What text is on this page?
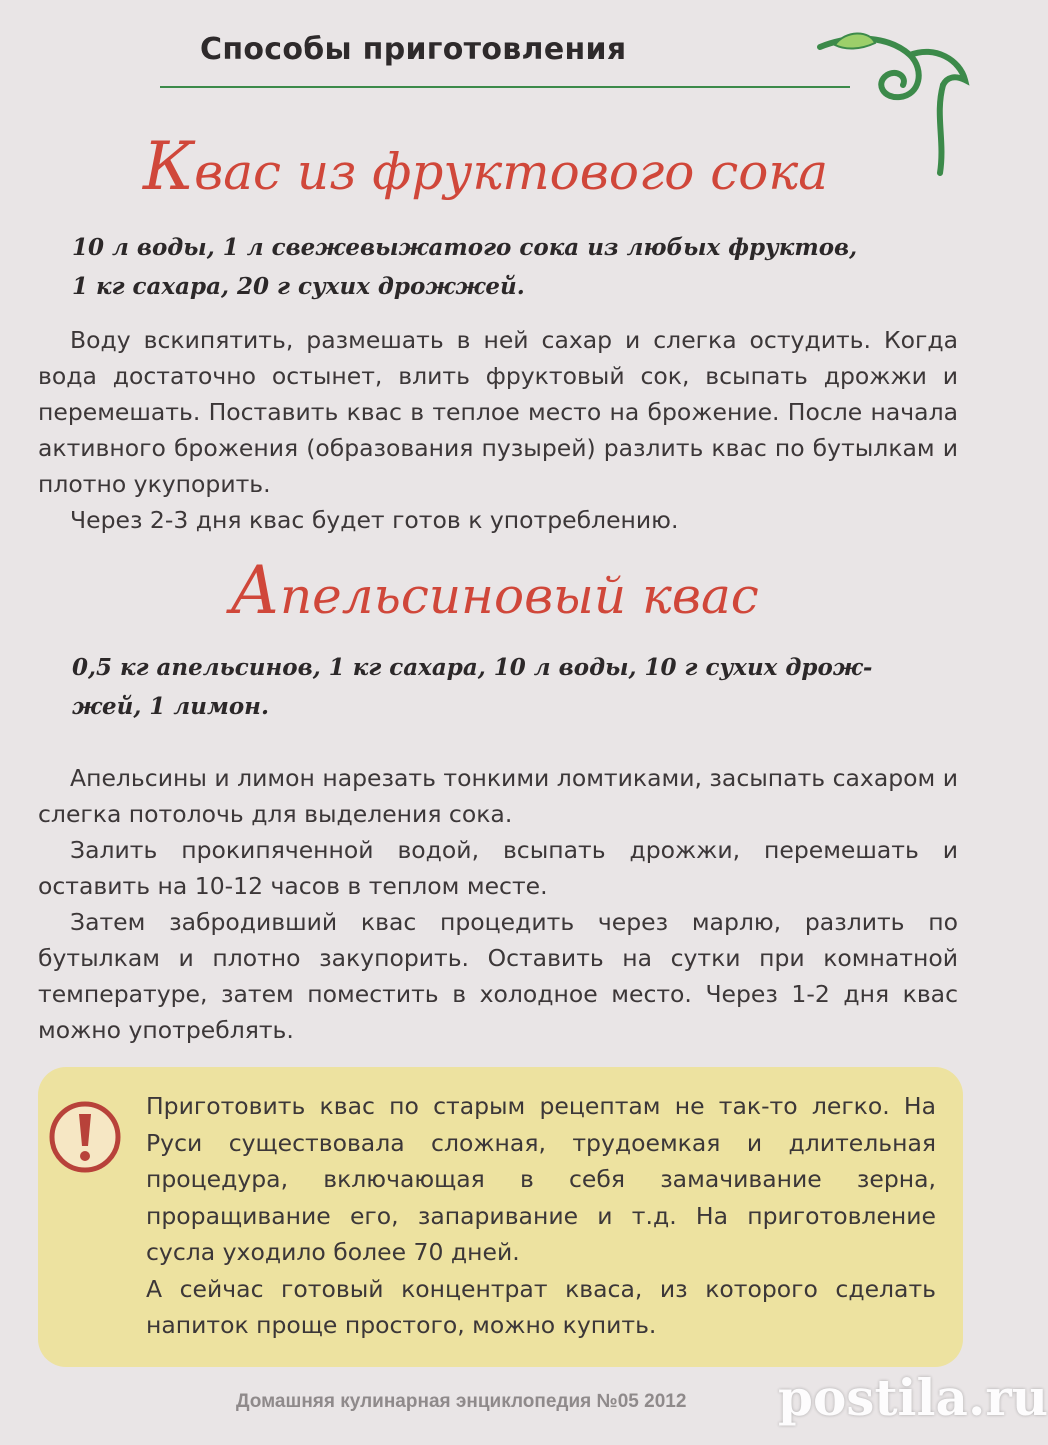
Способы приготовления
Квас из фруктового сока
10 л воды, 1 л свежевыжатого сока из любых фруктов,
1 кг сахара, 20 г сухих дрожжей.

Воду вскипятить, размешать в ней сахар и слегка остудить. Когда вода достаточно остынет, влить фруктовый сок, всыпать дрожжи и перемешать. Поставить квас в теплое место на брожение. После начала активного брожения (образования пузырей) разлить квас по бутылкам и плотно укупорить.

Через 2-3 дня квас будет готов к употреблению.

Апельсиновый квас
0,5 кг апельсинов, 1 кг сахара, 10 л воды, 10 г сухих дрож-
жей, 1 лимон.

Апельсины и лимон нарезать тонкими ломтиками, засыпать сахаром и слегка потолочь для выделения сока.

Залить прокипяченной водой, всыпать дрожжи, перемешать и оставить на 10-12 часов в теплом месте.

Затем забродивший квас процедить через марлю, разлить по бутылкам и плотно закупорить. Оставить на сутки при комнатной температуре, затем поместить в холодное место. Через 1-2 дня квас можно употреблять.

Приготовить квас по старым рецептам не так-то легко. На Руси существовала сложная, трудоемкая и длительная процедура, включающая в себя замачивание зерна, проращивание его, запаривание и т.д. На приготовление сусла уходило более 70 дней.

А сейчас готовый концентрат кваса, из которого сделать напиток проще простого, можно купить.

Домашняя кулинарная энциклопедия №05 2012 postila.ru
